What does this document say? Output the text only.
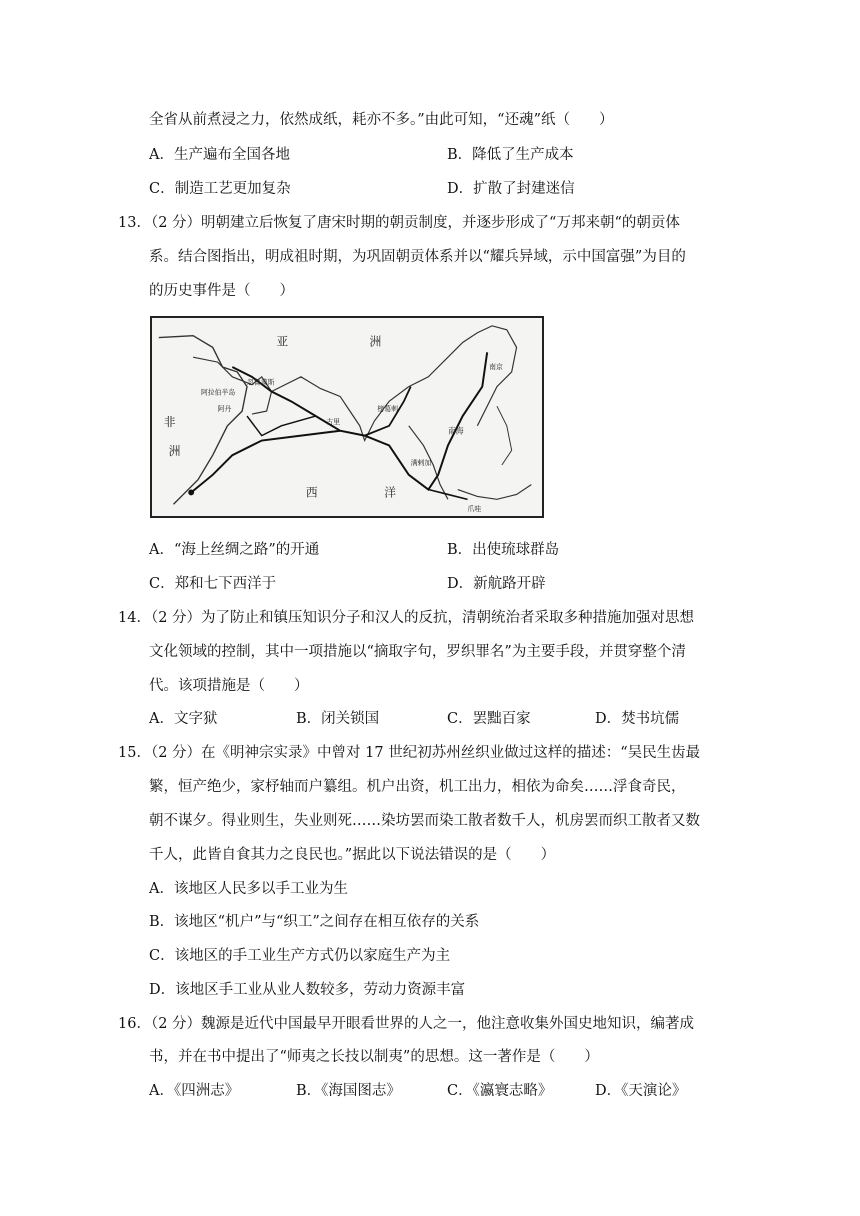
全省从前煮浸之力，依然成纸，耗亦不多。”由此可知，“还魂”纸（　　）
A．生产遍布全国各地	B．降低了生产成本
C．制造工艺更加复杂	D．扩散了封建迷信
13．（2 分）明朝建立后恢复了唐宋时期的朝贡制度，并逐步形成了“万邦来朝“的朝贡体
系。结合图指出，明成祖时期，为巩固朝贡体系并以“耀兵异域，示中国富强”为目的
的历史事件是（　　）
非
洲
亚	洲
西	洋
阿拉伯半岛
忽鲁谟斯
古里
南海
南京
满剌加
爪哇
榜葛剌
阿丹
A．“海上丝绸之路”的开通	B．出使琉球群岛
C．郑和七下西洋于	D．新航路开辟
14．（2 分）为了防止和镇压知识分子和汉人的反抗，清朝统治者采取多种措施加强对思想
文化领域的控制，其中一项措施以“摘取字句，罗织罪名”为主要手段，并贯穿整个清
代。该项措施是（　　）
A．文字狱	B．闭关锁国	C．罢黜百家	D．焚书坑儒
15．（2 分）在《明神宗实录》中曾对 17 世纪初苏州丝织业做过这样的描述：“吴民生齿最
繁，恒产绝少，家杼轴而户纂组。机户出资，机工出力，相依为命矣……浮食奇民，
朝不谋夕。得业则生，失业则死……染坊罢而染工散者数千人，机房罢而织工散者又数
千人，此皆自食其力之良民也。”据此以下说法错误的是（　　）
A．该地区人民多以手工业为生
B．该地区“机户”与“织工”之间存在相互依存的关系
C．该地区的手工业生产方式仍以家庭生产为主
D．该地区手工业从业人数较多，劳动力资源丰富
16．（2 分）魏源是近代中国最早开眼看世界的人之一，他注意收集外国史地知识，编著成
书，并在书中提出了“师夷之长技以制夷”的思想。这一著作是（　　）
A．《四洲志》	B．《海国图志》	C．《瀛寰志略》	D．《天演论》
